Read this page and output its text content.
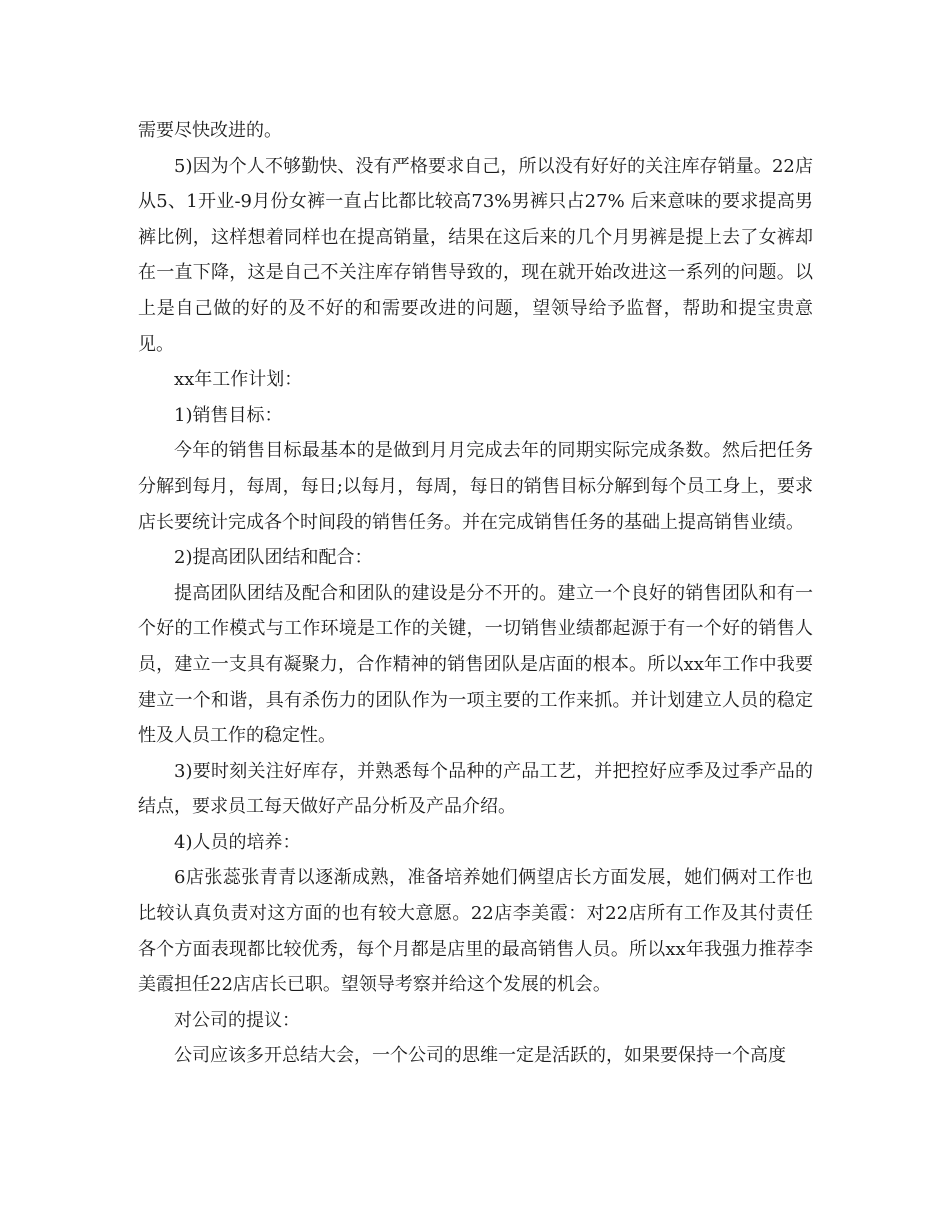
需要尽快改进的。

5)因为个人不够勤快、没有严格要求自己，所以没有好好的关注库存销量。22店从5、1开业-9月份女裤一直占比都比较高73%男裤只占27% 后来意味的要求提高男裤比例，这样想着同样也在提高销量，结果在这后来的几个月男裤是提上去了女裤却在一直下降，这是自己不关注库存销售导致的，现在就开始改进这一系列的问题。以上是自己做的好的及不好的和需要改进的问题，望领导给予监督，帮助和提宝贵意见。

xx年工作计划：

1)销售目标：

今年的销售目标最基本的是做到月月完成去年的同期实际完成条数。然后把任务分解到每月，每周，每日;以每月，每周，每日的销售目标分解到每个员工身上，要求店长要统计完成各个时间段的销售任务。并在完成销售任务的基础上提高销售业绩。

2)提高团队团结和配合：

提高团队团结及配合和团队的建设是分不开的。建立一个良好的销售团队和有一个好的工作模式与工作环境是工作的关键，一切销售业绩都起源于有一个好的销售人员，建立一支具有凝聚力，合作精神的销售团队是店面的根本。所以xx年工作中我要建立一个和谐，具有杀伤力的团队作为一项主要的工作来抓。并计划建立人员的稳定性及人员工作的稳定性。

3)要时刻关注好库存，并熟悉每个品种的产品工艺，并把控好应季及过季产品的结点，要求员工每天做好产品分析及产品介绍。

4)人员的培养：

6店张蕊张青青以逐渐成熟，准备培养她们俩望店长方面发展，她们俩对工作也比较认真负责对这方面的也有较大意愿。22店李美霞：对22店所有工作及其付责任各个方面表现都比较优秀，每个月都是店里的最高销售人员。所以xx年我强力推荐李美霞担任22店店长已职。望领导考察并给这个发展的机会。

对公司的提议：

公司应该多开总结大会，一个公司的思维一定是活跃的，如果要保持一个高度
